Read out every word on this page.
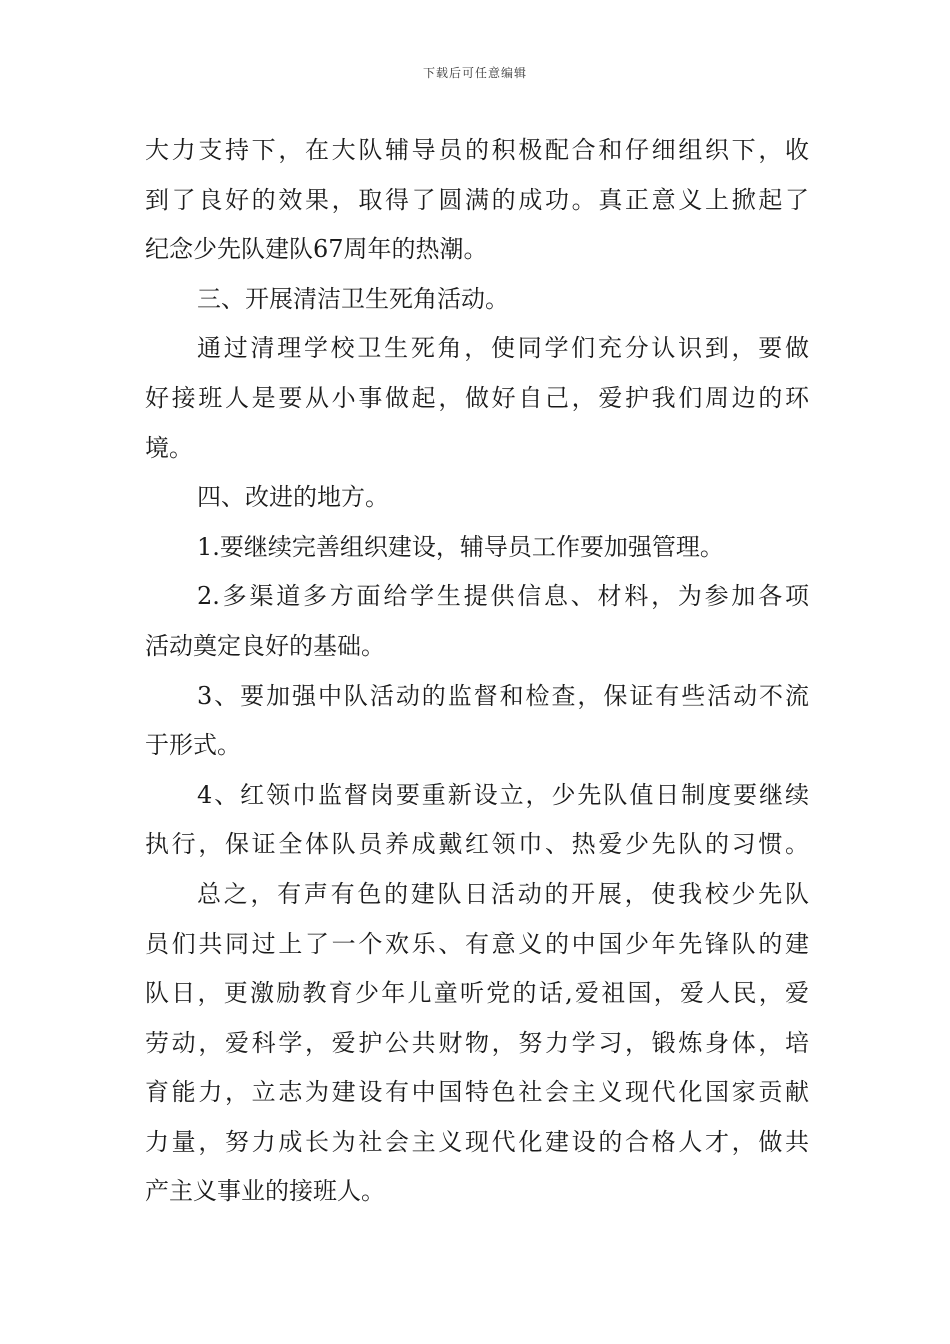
下载后可任意编辑
大力支持下，在大队辅导员的积极配合和仔细组织下，收
到了良好的效果，取得了圆满的成功。真正意义上掀起了
纪念少先队建队67周年的热潮。
三、开展清洁卫生死角活动。
通过清理学校卫生死角，使同学们充分认识到，要做
好接班人是要从小事做起，做好自己，爱护我们周边的环
境。
四、改进的地方。
1.要继续完善组织建设，辅导员工作要加强管理。
2.多渠道多方面给学生提供信息、材料，为参加各项
活动奠定良好的基础。
3、要加强中队活动的监督和检查，保证有些活动不流
于形式。
4、红领巾监督岗要重新设立，少先队值日制度要继续
执行，保证全体队员养成戴红领巾、热爱少先队的习惯。
总之，有声有色的建队日活动的开展，使我校少先队
员们共同过上了一个欢乐、有意义的中国少年先锋队的建
队日，更激励教育少年儿童听党的话,爱祖国，爱人民，爱
劳动，爱科学，爱护公共财物，努力学习，锻炼身体，培
育能力，立志为建设有中国特色社会主义现代化国家贡献
力量，努力成长为社会主义现代化建设的合格人才，做共
产主义事业的接班人。
